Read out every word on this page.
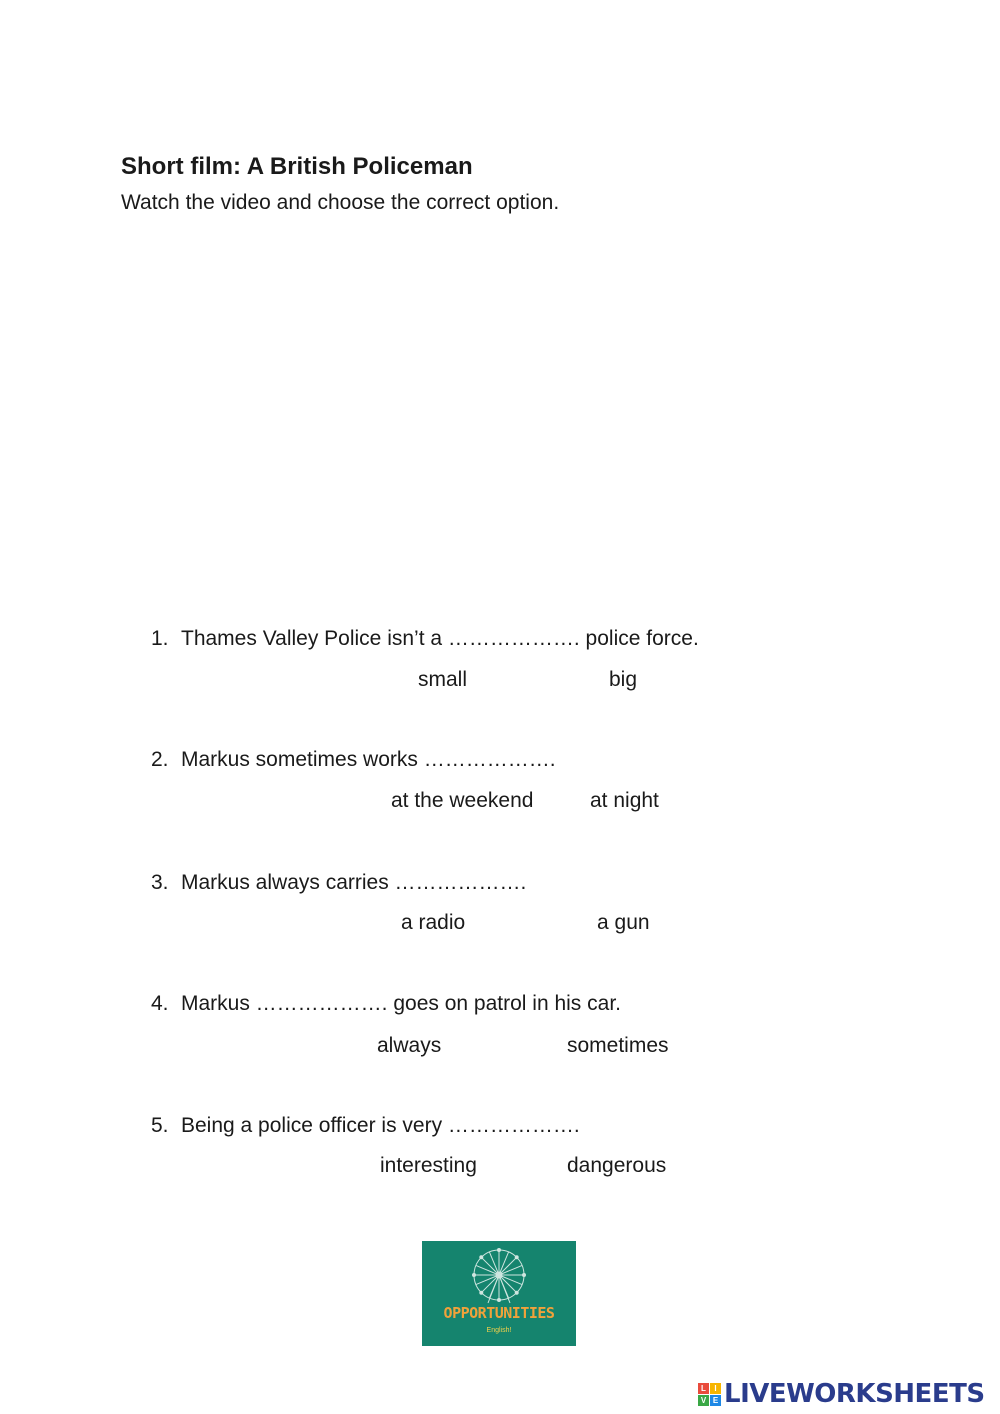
Short film: A British Policeman

Watch the video and choose the correct option.

1. Thames Valley Police isn’t a ………………. police force.
small	big
2. Markus sometimes works ……………….
at the weekend	at night
3. Markus always carries ……………….
a radio	a gun
4. Markus ………………. goes on patrol in his car.
always	sometimes
5. Being a police officer is very ……………….
interesting	dangerous
OPPORTUNITIES
English!
L	I
V E LIVEWORKSHEETS
